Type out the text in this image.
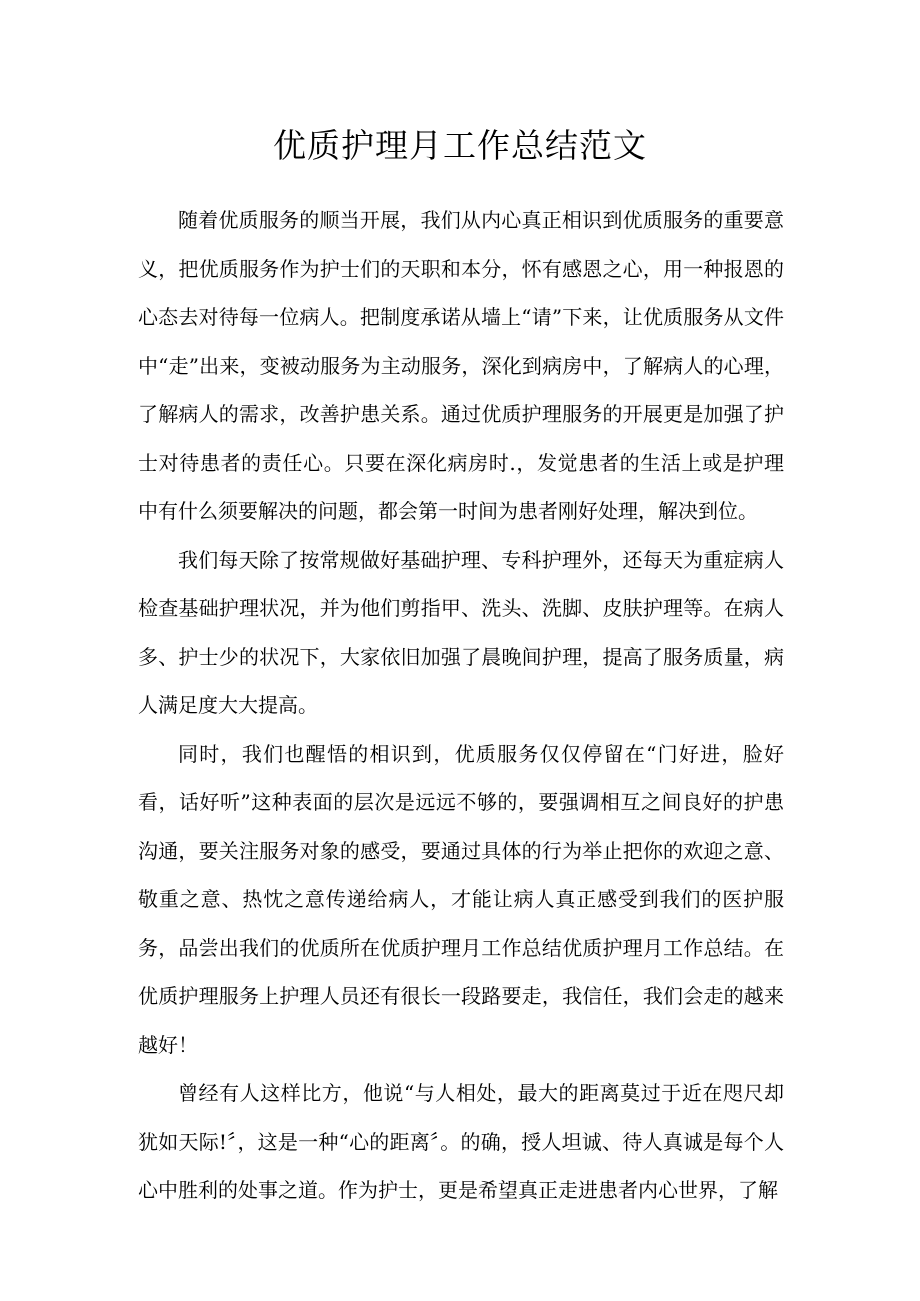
优质护理月工作总结范文

随着优质服务的顺当开展，我们从内心真正相识到优质服务的重要意义，把优质服务作为护士们的天职和本分，怀有感恩之心，用一种报恩的心态去对待每一位病人。把制度承诺从墙上“请”下来，让优质服务从文件中“走”出来，变被动服务为主动服务，深化到病房中，了解病人的心理，了解病人的需求，改善护患关系。通过优质护理服务的开展更是加强了护士对待患者的责任心。只要在深化病房时.，发觉患者的生活上或是护理中有什么须要解决的问题，都会第一时间为患者刚好处理，解决到位。

我们每天除了按常规做好基础护理、专科护理外，还每天为重症病人检查基础护理状况，并为他们剪指甲、洗头、洗脚、皮肤护理等。在病人多、护士少的状况下，大家依旧加强了晨晚间护理，提高了服务质量，病人满足度大大提高。

同时，我们也醒悟的相识到，优质服务仅仅停留在“门好进，脸好看，话好听”这种表面的层次是远远不够的，要强调相互之间良好的护患沟通，要关注服务对象的感受，要通过具体的行为举止把你的欢迎之意、敬重之意、热忱之意传递给病人，才能让病人真正感受到我们的医护服务，品尝出我们的优质所在优质护理月工作总结优质护理月工作总结。在优质护理服务上护理人员还有很长一段路要走，我信任，我们会走的越来越好！

曾经有人这样比方，他说“与人相处，最大的距离莫过于近在咫尺却犹如天际!〞，这是一种“心的距离〞。的确，授人坦诚、待人真诚是每个人心中胜利的处事之道。作为护士，更是希望真正走进患者内心世界，了解
